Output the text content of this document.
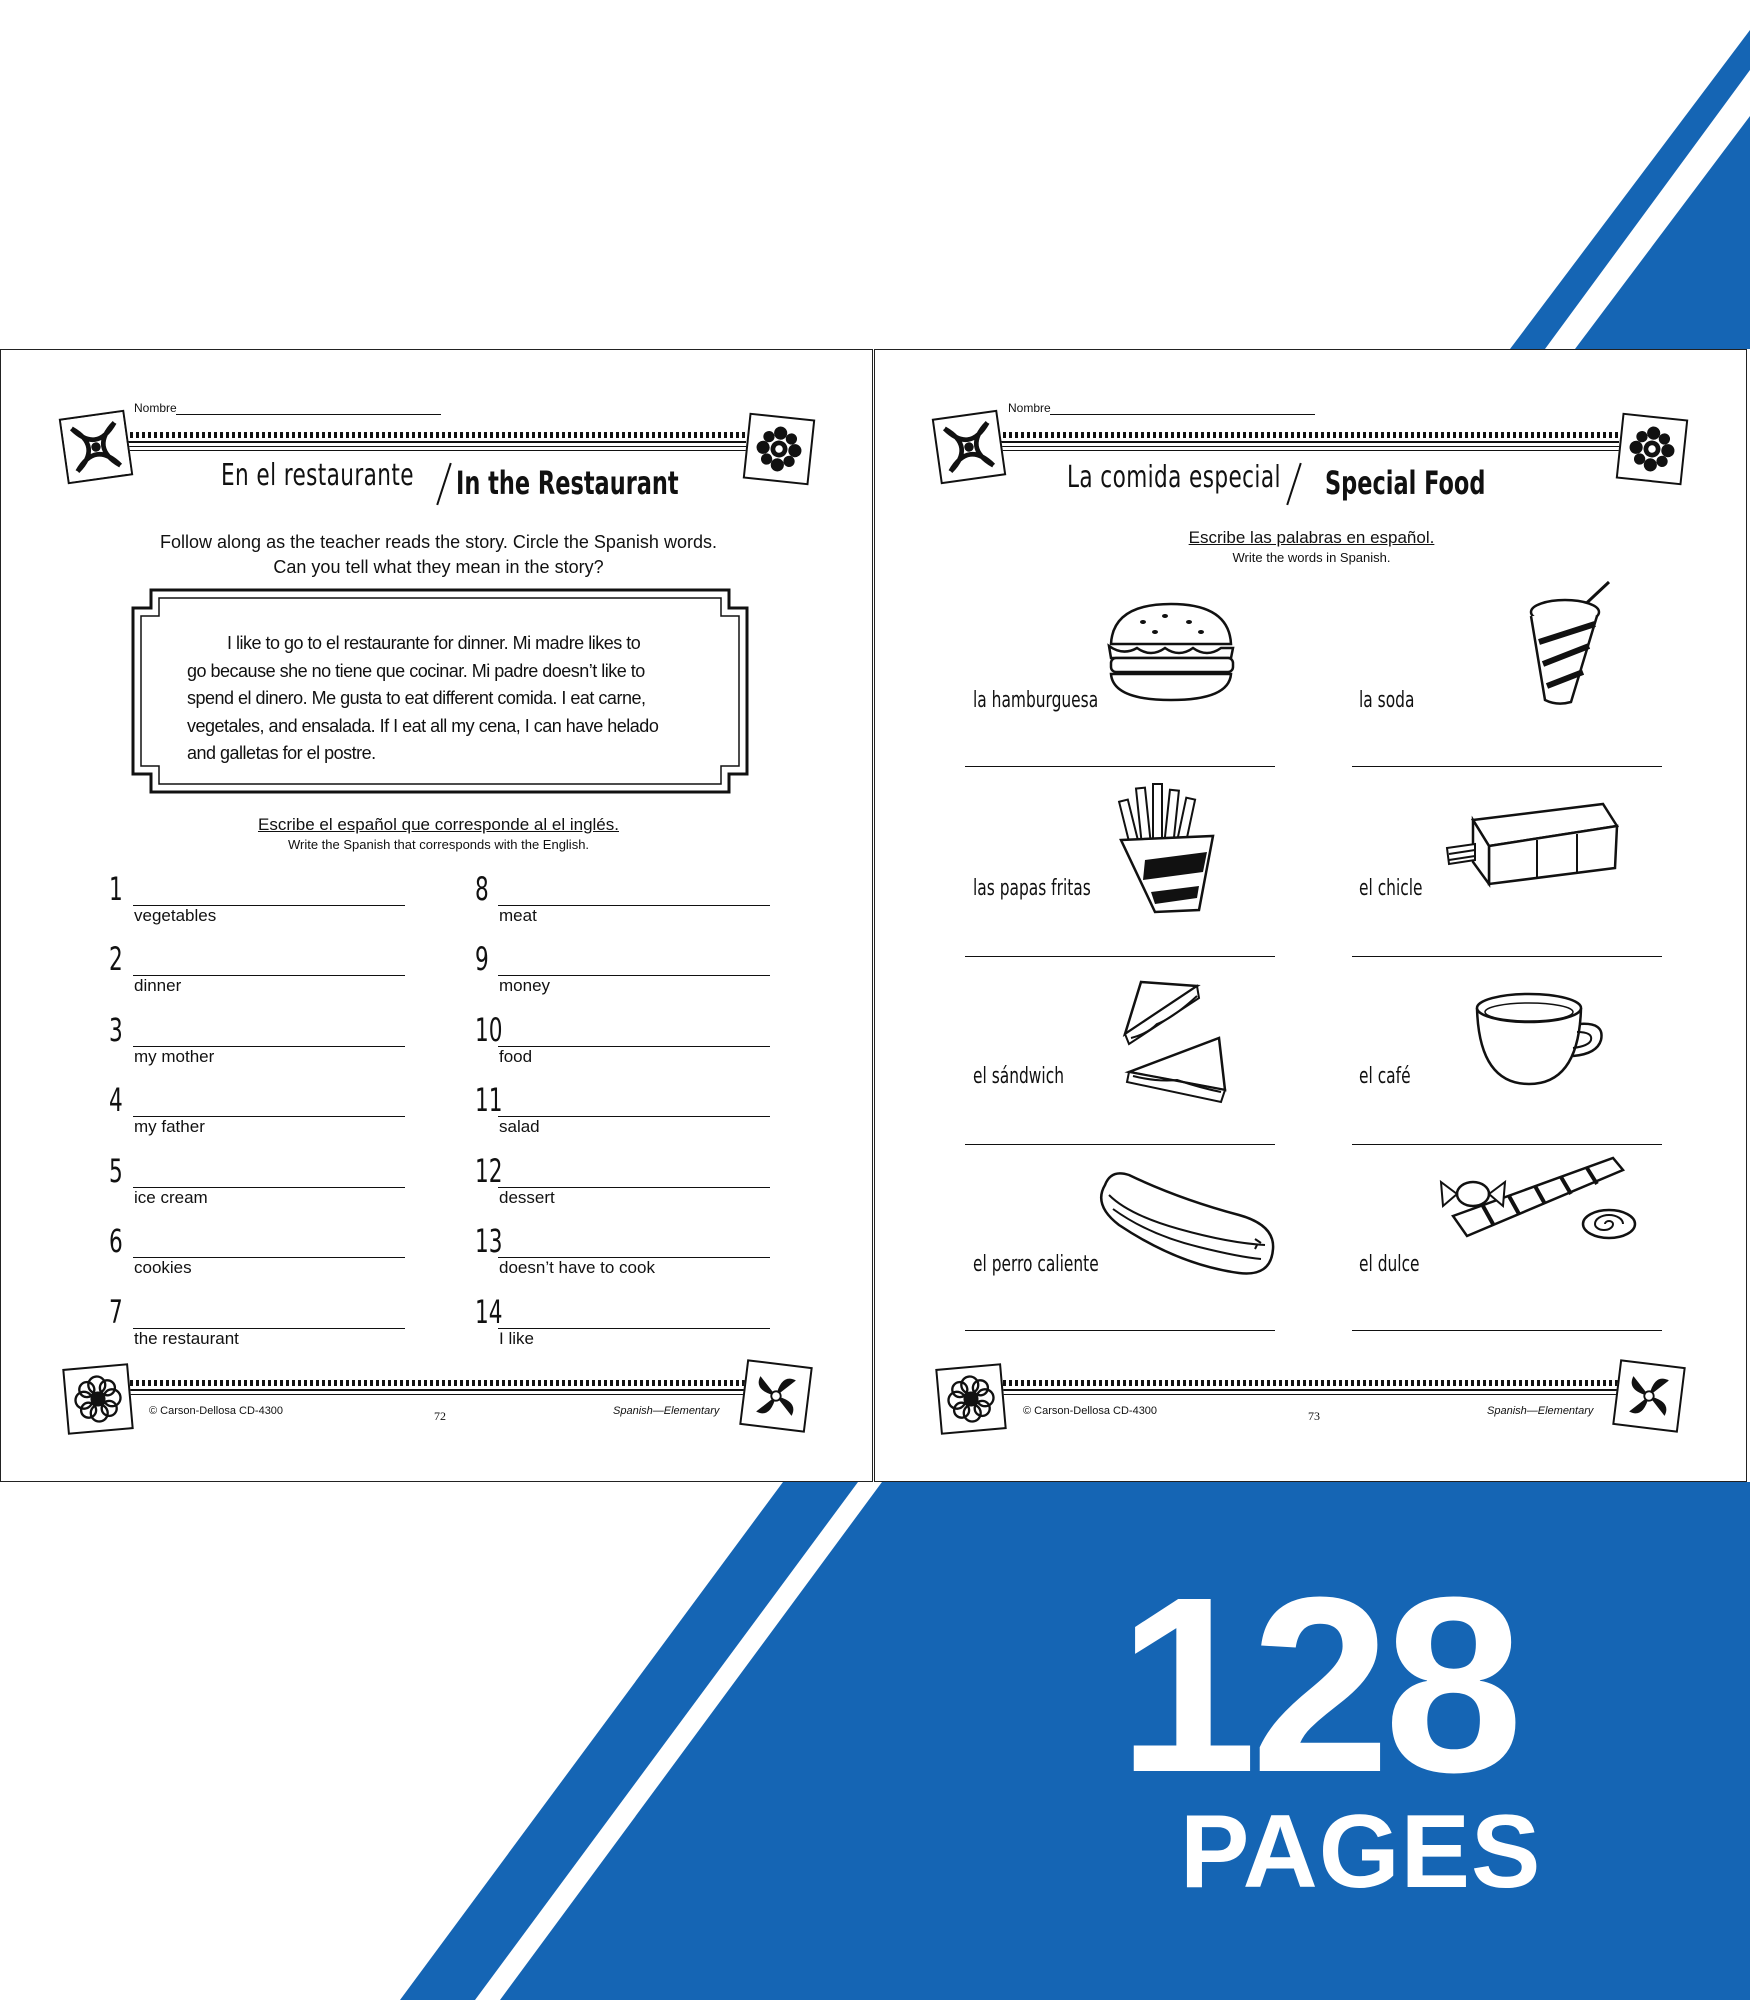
Nombre
En el restaurante In the Restaurant
Follow along as the teacher reads the story. Circle the Spanish words.
Can you tell what they mean in the story?
I like to go to el restaurante for dinner. Mi madre likes to
go because she no tiene que cocinar. Mi padre doesn’t like to
spend el dinero. Me gusta to eat different comida. I eat carne,
vegetales, and ensalada. If I eat all my cena, I can have helado
and galletas for el postre.
Escribe el español que corresponde al el inglés.
Write the Spanish that corresponds with the English.
1
vegetables
2
dinner
3
my mother
4
my father
5
ice cream
6
cookies
7
the restaurant
8
meat
9
money
10
food
11
salad
12
dessert
13
doesn’t have to cook
14
I like
© Carson-Dellosa CD-4300	72	Spanish—Elementary
Nombre
La comida especial Special Food
Escribe las palabras en español.
Write the words in Spanish.
la hamburguesa	la soda
las papas fritas	el chicle
el sándwich	el café
el perro caliente	el dulce
© Carson-Dellosa CD-4300	73	Spanish—Elementary
128
PAGES
